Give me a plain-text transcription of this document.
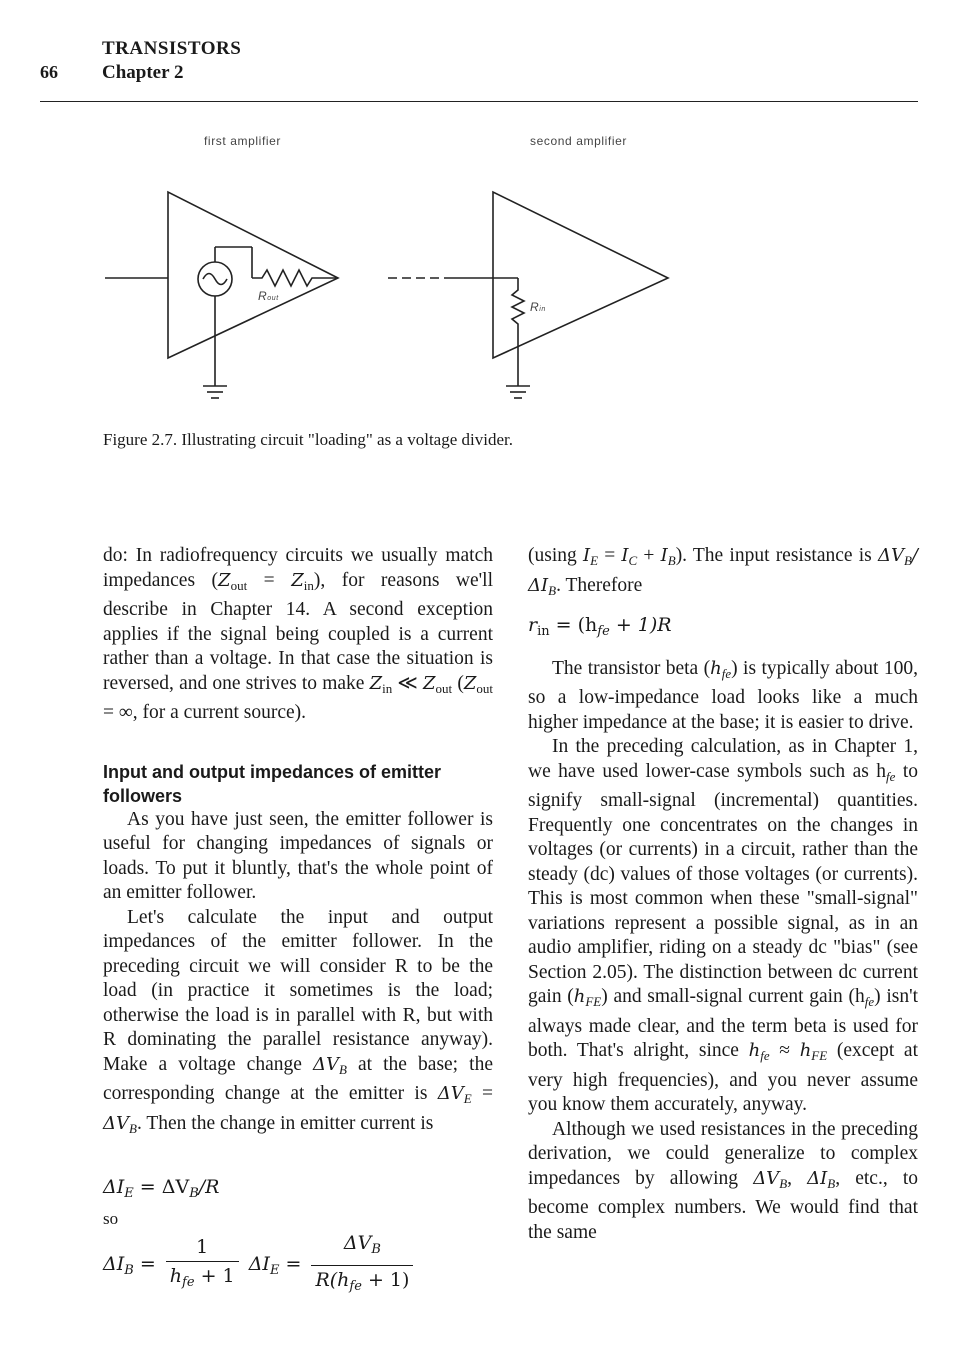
TRANSISTORS
66 Chapter 2
first amplifier	second amplifier
Rout
Rin
Figure 2.7. Illustrating circuit "loading" as a voltage divider.

do: In radiofrequency circuits we usually match impedances $(Z_{out} = Z_{in})$, for reasons we'll describe in Chapter 14. A second exception applies if the signal being coupled is a current rather than a voltage. In that case the situation is reversed, and one strives to make $Z_{in}$ ≪ $Z_{out}$ ($Z_{out}$ = ∞, for a current source).

Input and output impedances of emitter followers

As you have just seen, the emitter follower is useful for changing impedances of signals or loads. To put it bluntly, that's the whole point of an emitter follower.

Let's calculate the input and output impedances of the emitter follower. In the preceding circuit we will consider R to be the load (in practice it sometimes is the load; otherwise the load is in parallel with R, but with R dominating the parallel resistance anyway). Make a voltage change $\Delta V_B$ at the base; the corresponding change at the emitter is $\Delta V_E = \Delta V_B$. Then the change in emitter current is

$\Delta I_E = \Delta V_B/R$

so

$\Delta I_B = \frac{1}{h_{fe} + 1} \Delta I_E = \frac{\Delta V_B}{R(h_{fe} + 1)}$

(using $I_E = I_C + I_B$). The input resistance is $\Delta V_B/\Delta I_B$. Therefore

$r_{in} = (h_{fe} + 1)R$

The transistor beta $(h_{fe})$ is typically about 100, so a low-impedance load looks like a much higher impedance at the base; it is easier to drive.

In the preceding calculation, as in Chapter 1, we have used lower-case symbols such as $h_{fe}$ to signify small-signal (incremental) quantities. Frequently one concentrates on the changes in voltages (or currents) in a circuit, rather than the steady (dc) values of those voltages (or currents). This is most common when these "small-signal" variations represent a possible signal, as in an audio amplifier, riding on a steady dc "bias" (see Section 2.05). The distinction between dc current gain $(h_{FE})$ and small-signal current gain $(h_{fe})$ isn't always made clear, and the term beta is used for both. That's alright, since $h_{fe} \approx h_{FE}$ (except at very high frequencies), and you never assume you know them accurately, anyway.

Although we used resistances in the preceding derivation, we could generalize to complex impedances by allowing $\Delta V_B$, $\Delta I_B$, etc., to become complex numbers. We would find that the same
